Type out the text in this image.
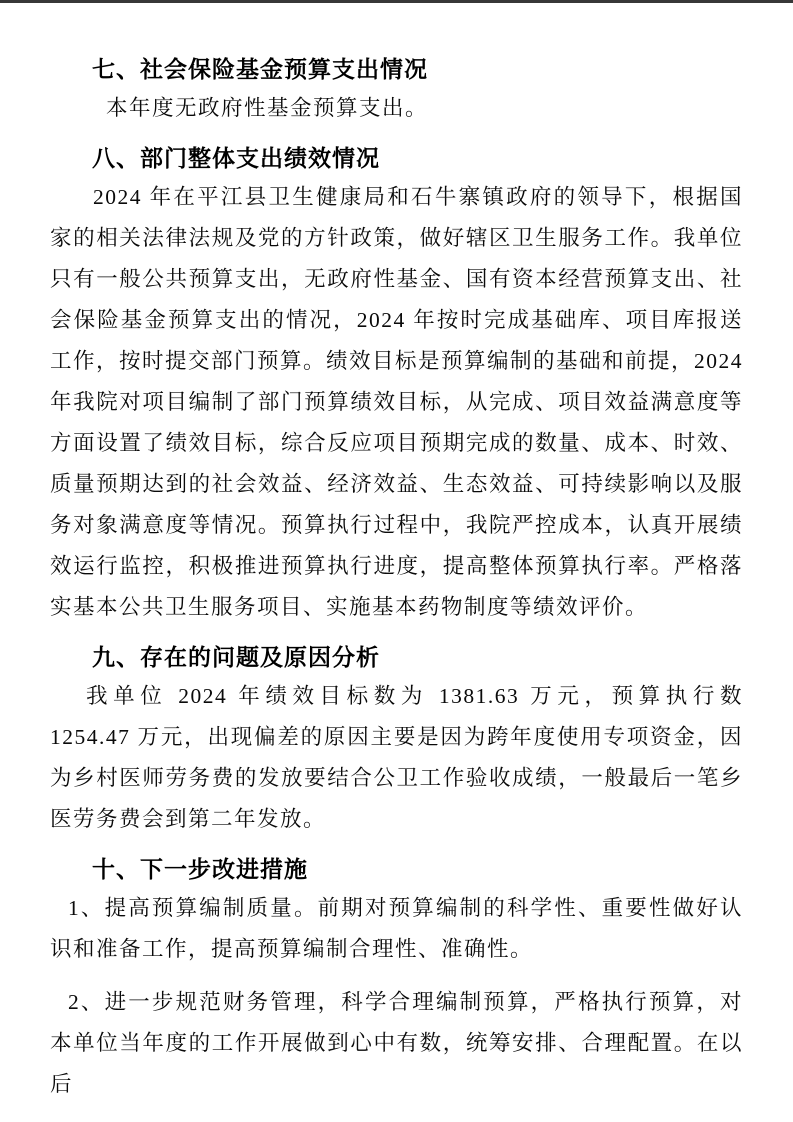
七、社会保险基金预算支出情况

本年度无政府性基金预算支出。

八、部门整体支出绩效情况

2024 年在平江县卫生健康局和石牛寨镇政府的领导下，根据国家的相关法律法规及党的方针政策，做好辖区卫生服务工作。我单位只有一般公共预算支出，无政府性基金、国有资本经营预算支出、社会保险基金预算支出的情况，2024 年按时完成基础库、项目库报送工作，按时提交部门预算。绩效目标是预算编制的基础和前提，2024 年我院对项目编制了部门预算绩效目标，从完成、项目效益满意度等方面设置了绩效目标，综合反应项目预期完成的数量、成本、时效、质量预期达到的社会效益、经济效益、生态效益、可持续影响以及服务对象满意度等情况。预算执行过程中，我院严控成本，认真开展绩效运行监控，积极推进预算执行进度，提高整体预算执行率。严格落实基本公共卫生服务项目、实施基本药物制度等绩效评价。

九、存在的问题及原因分析

我单位 2024 年绩效目标数为 1381.63 万元，预算执行数 1254.47 万元，出现偏差的原因主要是因为跨年度使用专项资金，因为乡村医师劳务费的发放要结合公卫工作验收成绩，一般最后一笔乡医劳务费会到第二年发放。

十、下一步改进措施

1、提高预算编制质量。前期对预算编制的科学性、重要性做好认识和准备工作，提高预算编制合理性、准确性。

2、进一步规范财务管理，科学合理编制预算，严格执行预算，对本单位当年度的工作开展做到心中有数，统筹安排、合理配置。在以后
